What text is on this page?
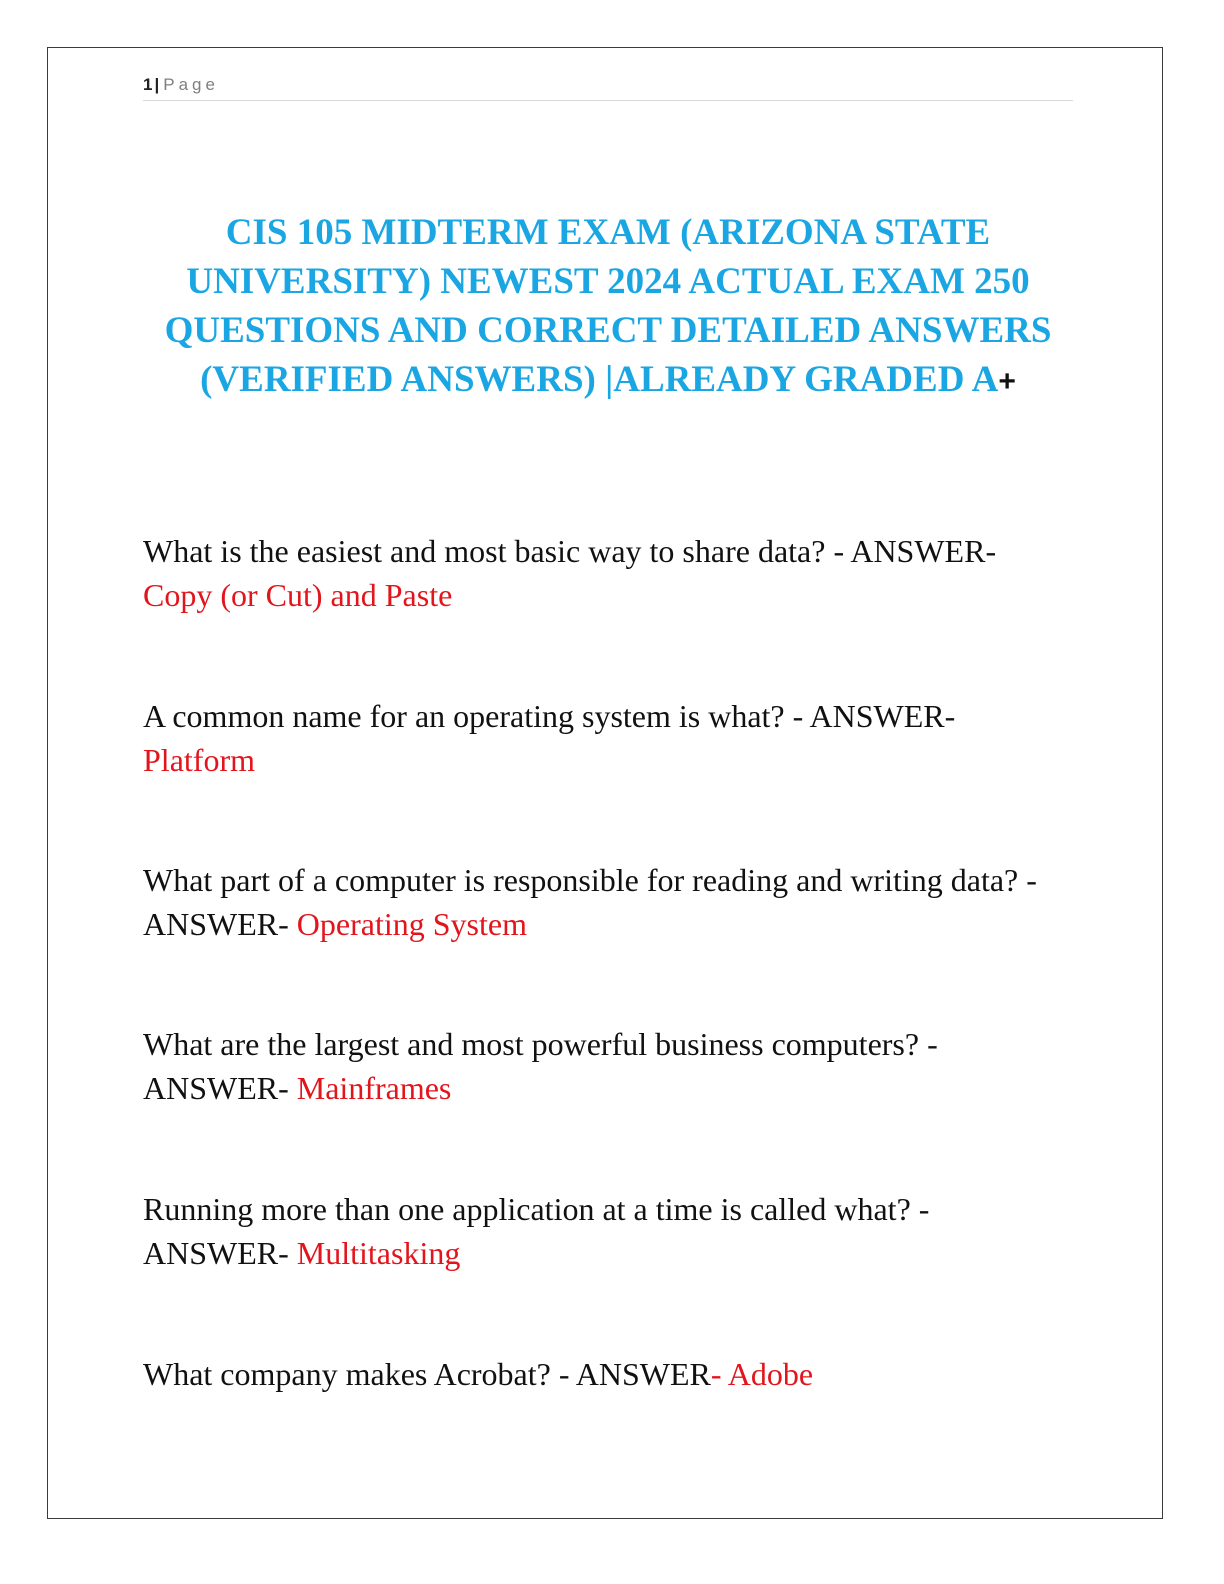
1 | Page
CIS 105 MIDTERM EXAM (ARIZONA STATE UNIVERSITY) NEWEST 2024 ACTUAL EXAM 250 QUESTIONS AND CORRECT DETAILED ANSWERS (VERIFIED ANSWERS) |ALREADY GRADED A+

What is the easiest and most basic way to share data? - ANSWER- Copy (or Cut) and Paste

A common name for an operating system is what? - ANSWER- Platform

What part of a computer is responsible for reading and writing data? - ANSWER- Operating System

What are the largest and most powerful business computers? - ANSWER- Mainframes

Running more than one application at a time is called what? - ANSWER- Multitasking

What company makes Acrobat? - ANSWER- Adobe
